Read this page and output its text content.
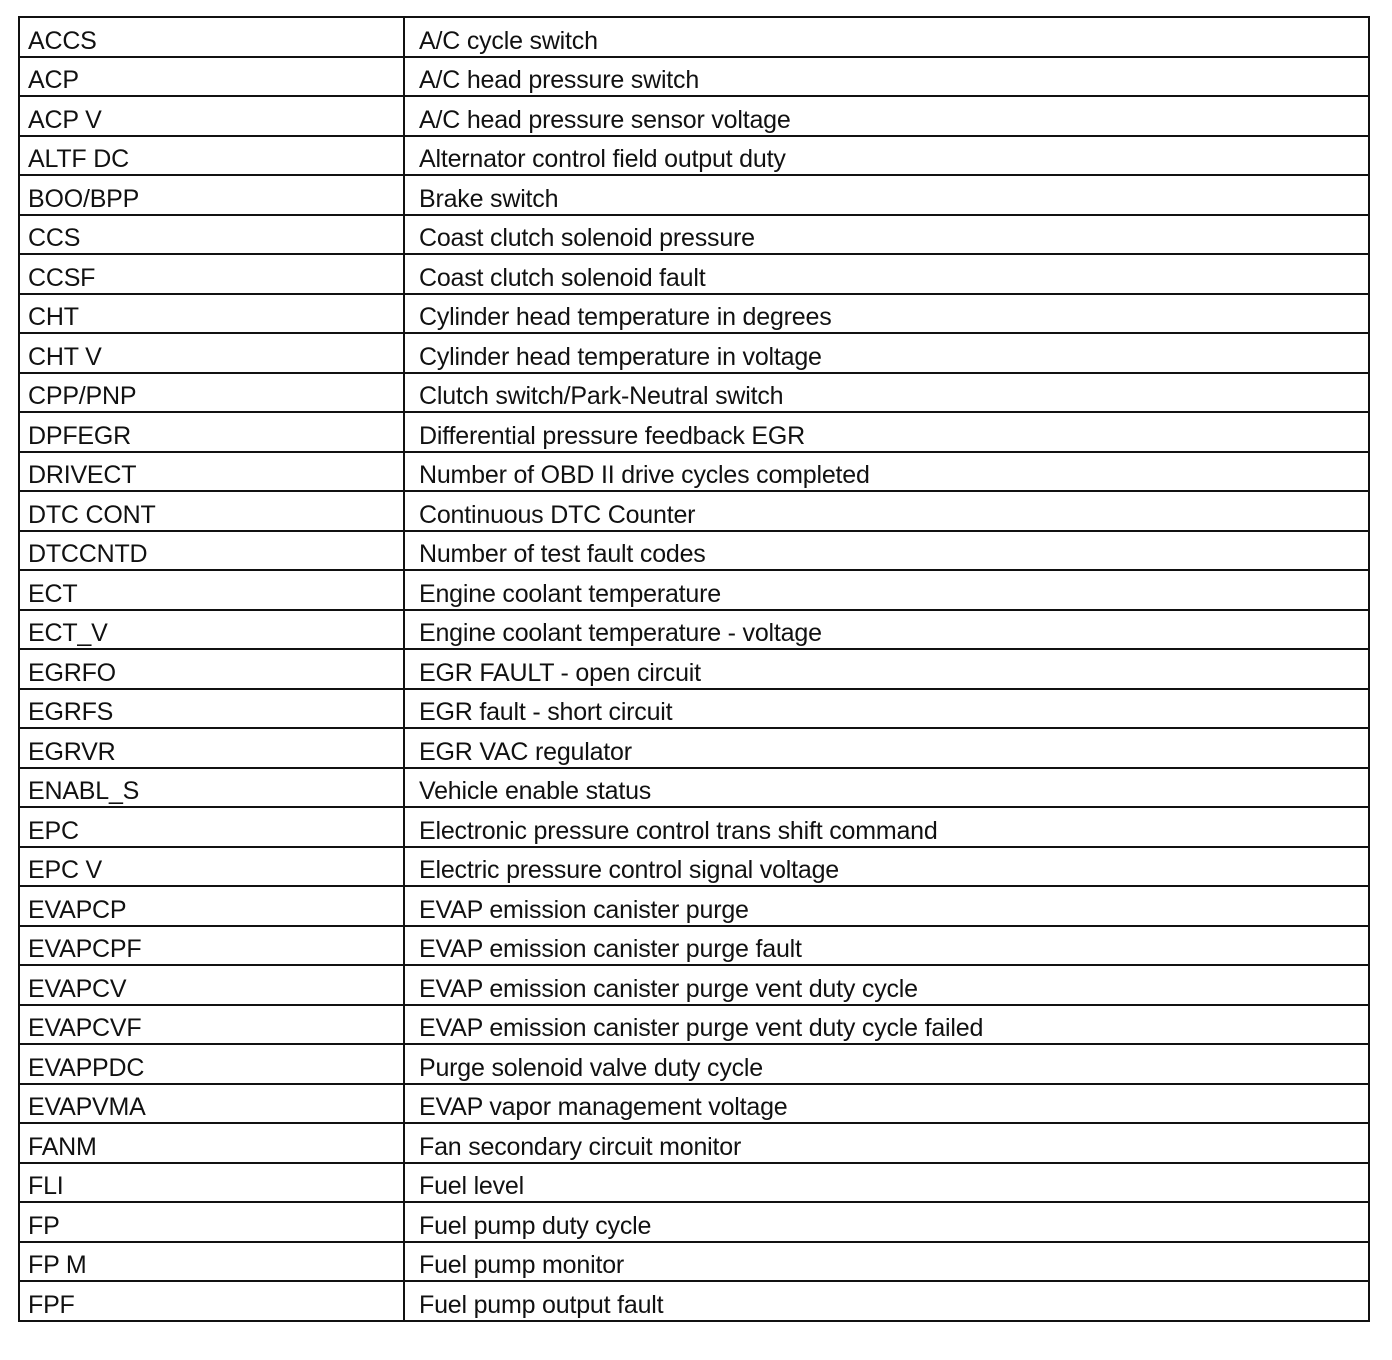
ACCS	A/C cycle switch
ACP	A/C head pressure switch
ACP V	A/C head pressure sensor voltage
ALTF DC	Alternator control field output duty
BOO/BPP	Brake switch
CCS	Coast clutch solenoid pressure
CCSF	Coast clutch solenoid fault
CHT	Cylinder head temperature in degrees
CHT V	Cylinder head temperature in voltage
CPP/PNP	Clutch switch/Park-Neutral switch
DPFEGR	Differential pressure feedback EGR
DRIVECT	Number of OBD II drive cycles completed
DTC CONT	Continuous DTC Counter
DTCCNTD	Number of test fault codes
ECT	Engine coolant temperature
ECT_V	Engine coolant temperature - voltage
EGRFO	EGR FAULT - open circuit
EGRFS	EGR fault - short circuit
EGRVR	EGR VAC regulator
ENABL_S	Vehicle enable status
EPC	Electronic pressure control trans shift command
EPC V	Electric pressure control signal voltage
EVAPCP	EVAP emission canister purge
EVAPCPF	EVAP emission canister purge fault
EVAPCV	EVAP emission canister purge vent duty cycle
EVAPCVF	EVAP emission canister purge vent duty cycle failed
EVAPPDC	Purge solenoid valve duty cycle
EVAPVMA	EVAP vapor management voltage
FANM	Fan secondary circuit monitor
FLI	Fuel level
FP	Fuel pump duty cycle
FP M	Fuel pump monitor
FPF	Fuel pump output fault
